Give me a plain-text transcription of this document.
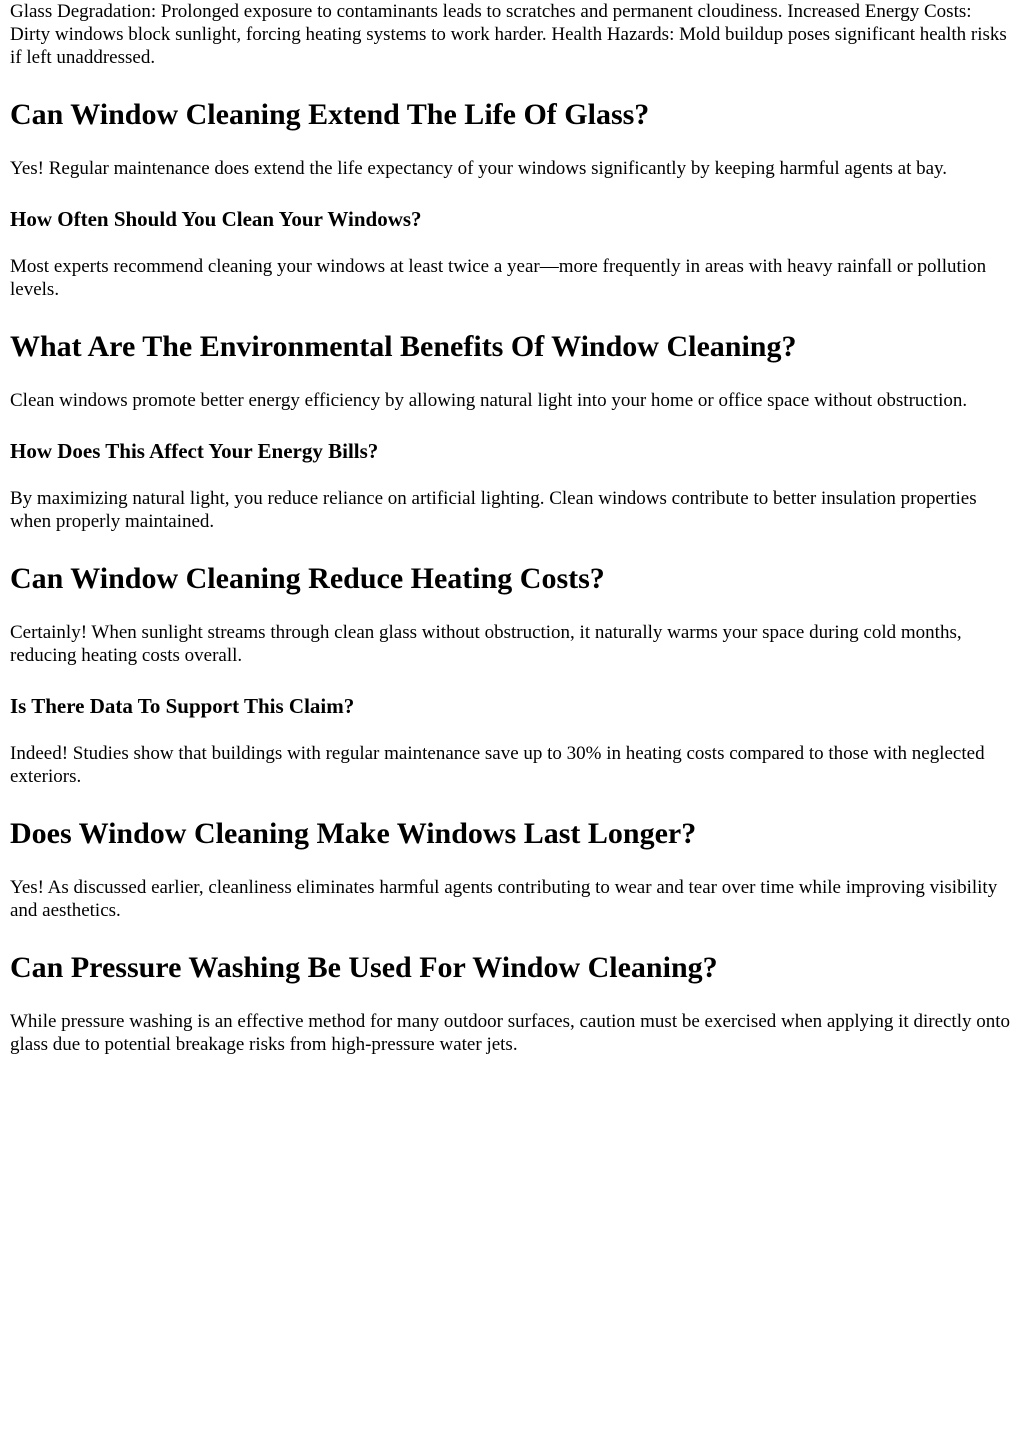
Glass Degradation: Prolonged exposure to contaminants leads to scratches and permanent cloudiness. Increased Energy Costs: Dirty windows block sunlight, forcing heating systems to work harder. Health Hazards: Mold buildup poses significant health risks if left unaddressed.

Can Window Cleaning Extend The Life Of Glass?

Yes! Regular maintenance does extend the life expectancy of your windows significantly by keeping harmful agents at bay.

How Often Should You Clean Your Windows?

Most experts recommend cleaning your windows at least twice a year—more frequently in areas with heavy rainfall or pollution levels.

What Are The Environmental Benefits Of Window Cleaning?

Clean windows promote better energy efficiency by allowing natural light into your home or office space without obstruction.

How Does This Affect Your Energy Bills?

By maximizing natural light, you reduce reliance on artificial lighting. Clean windows contribute to better insulation properties when properly maintained.

Can Window Cleaning Reduce Heating Costs?

Certainly! When sunlight streams through clean glass without obstruction, it naturally warms your space during cold months, reducing heating costs overall.

Is There Data To Support This Claim?

Indeed! Studies show that buildings with regular maintenance save up to 30% in heating costs compared to those with neglected exteriors.

Does Window Cleaning Make Windows Last Longer?

Yes! As discussed earlier, cleanliness eliminates harmful agents contributing to wear and tear over time while improving visibility and aesthetics.

Can Pressure Washing Be Used For Window Cleaning?

While pressure washing is an effective method for many outdoor surfaces, caution must be exercised when applying it directly onto glass due to potential breakage risks from high-pressure water jets.
